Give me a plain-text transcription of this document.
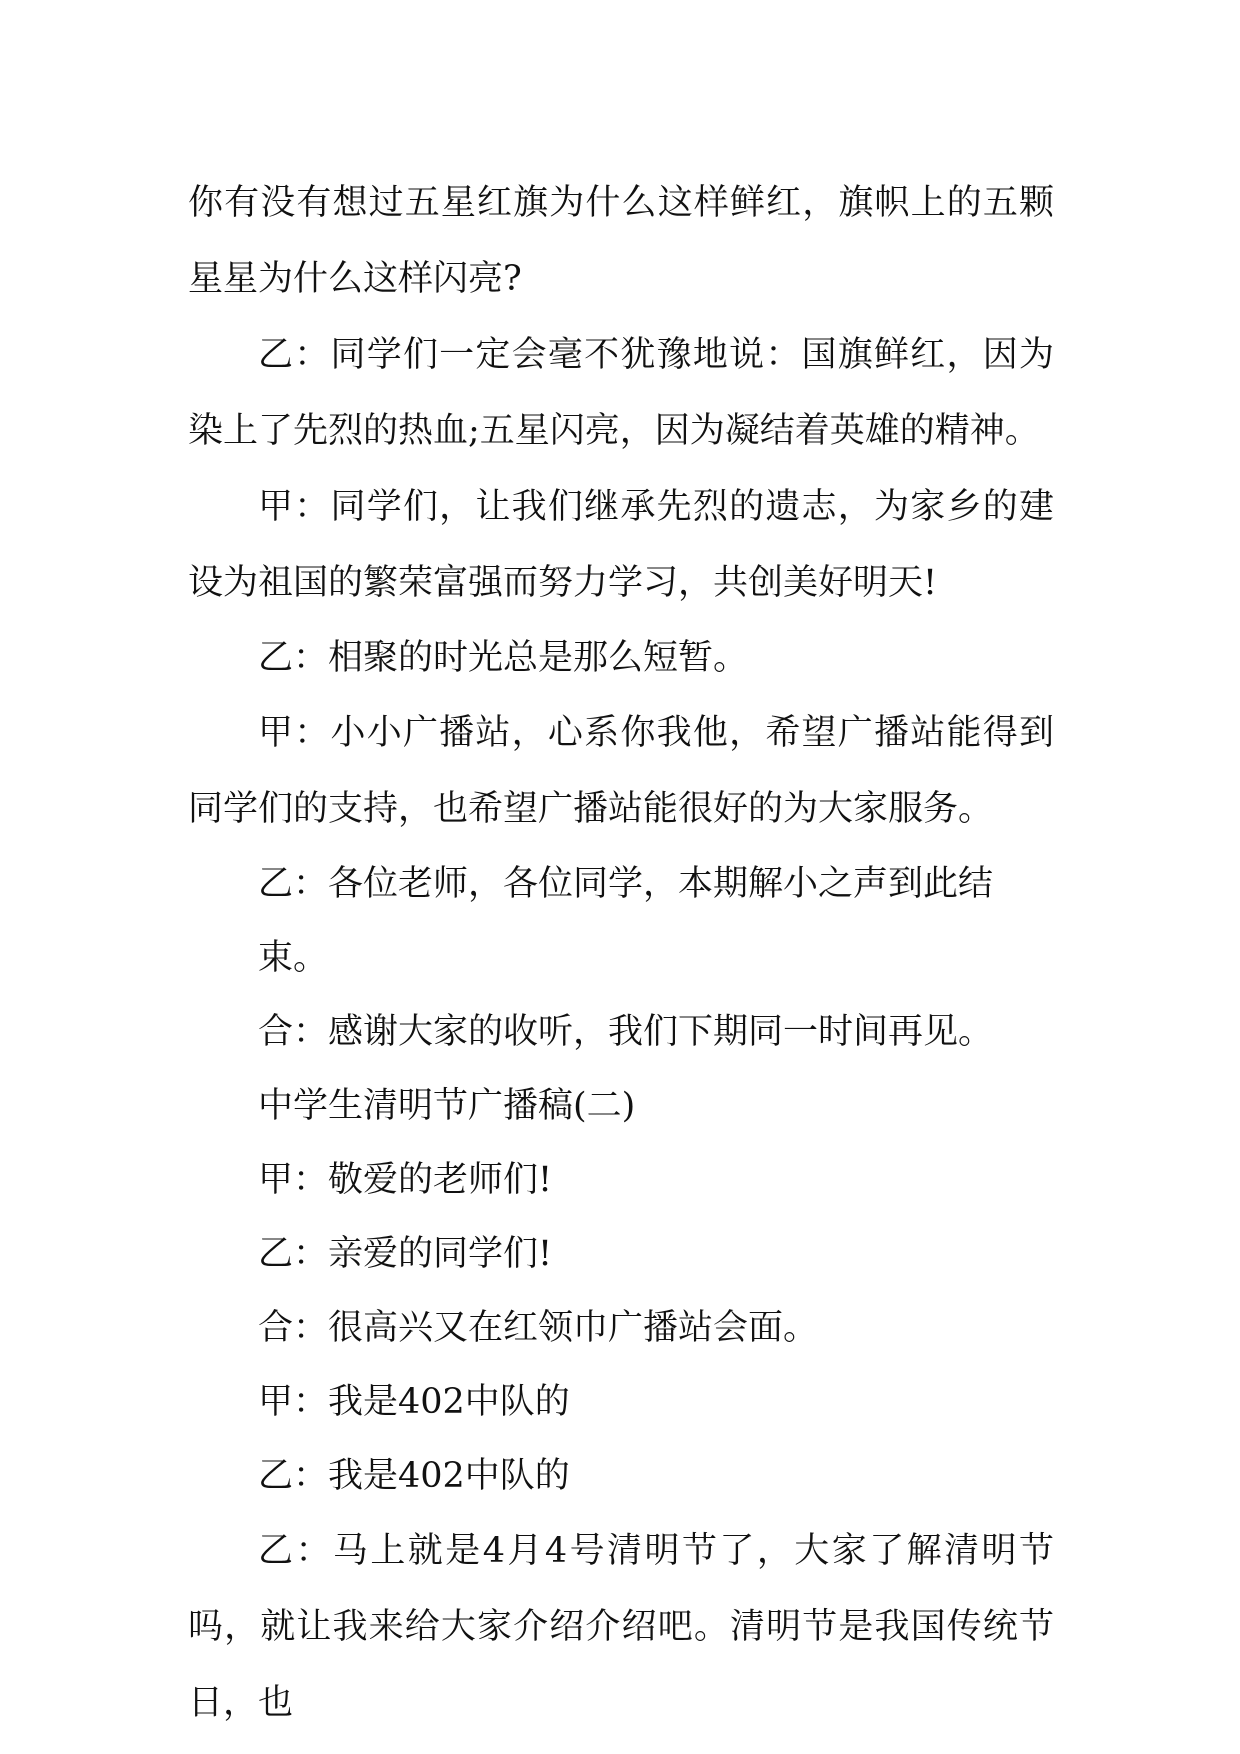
你有没有想过五星红旗为什么这样鲜红，旗帜上的五颗星星为什么这样闪亮?

乙：同学们一定会毫不犹豫地说：国旗鲜红，因为染上了先烈的热血;五星闪亮，因为凝结着英雄的精神。

甲：同学们，让我们继承先烈的遗志，为家乡的建设为祖国的繁荣富强而努力学习，共创美好明天!

乙：相聚的时光总是那么短暂。

甲：小小广播站，心系你我他，希望广播站能得到同学们的支持，也希望广播站能很好的为大家服务。

乙：各位老师，各位同学，本期解小之声到此结束。

合：感谢大家的收听，我们下期同一时间再见。

中学生清明节广播稿(二)

甲：敬爱的老师们!

乙：亲爱的同学们!

合：很高兴又在红领巾广播站会面。

甲：我是402中队的

乙：我是402中队的

乙：马上就是4月4号清明节了，大家了解清明节吗，就让我来给大家介绍介绍吧。清明节是我国传统节日，也
